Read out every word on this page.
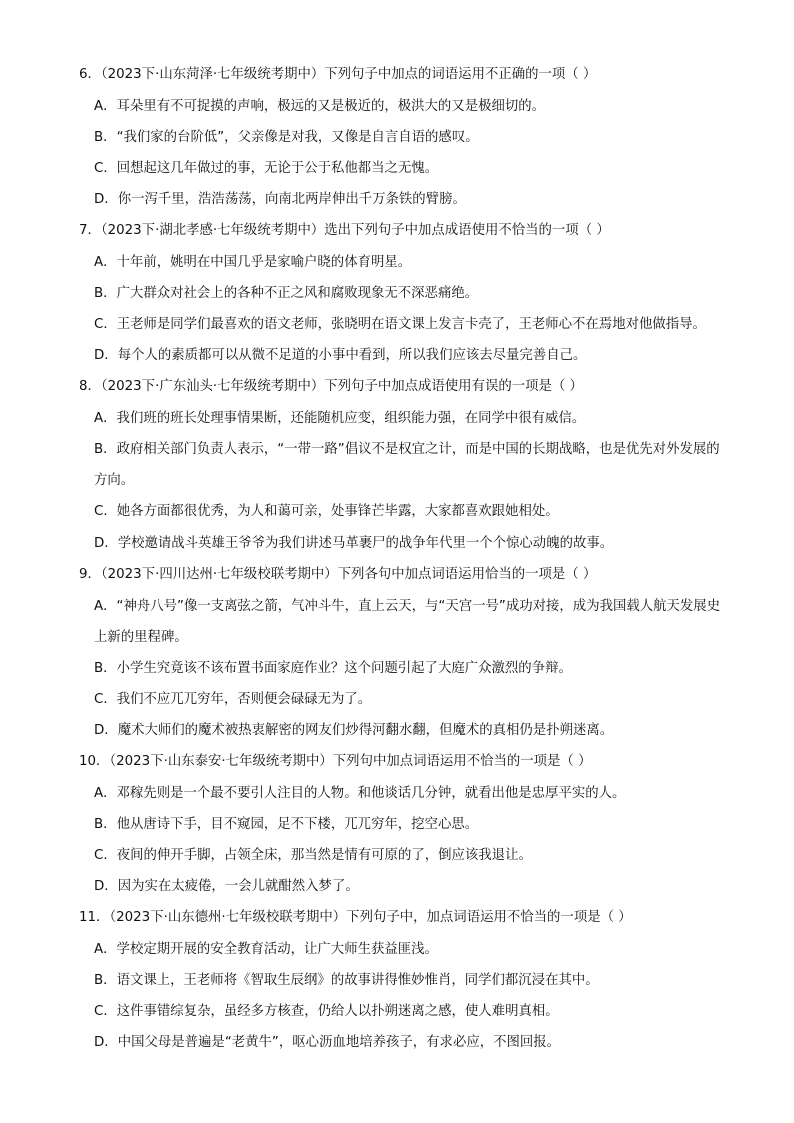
6．（2023下·山东菏泽·七年级统考期中）下列句子中加点的词语运用不正确的一项（ ）
A．耳朵里有不可捉摸的声响，极远的又是极近的，极洪大的又是极细切的。
B．“我们家的台阶低”，父亲像是对我，又像是自言自语的感叹。
C．回想起这几年做过的事，无论于公于私他都当之无愧。
D．你一泻千里，浩浩荡荡，向南北两岸伸出千万条铁的臂膀。
7．（2023下·湖北孝感·七年级统考期中）选出下列句子中加点成语使用不恰当的一项（ ）
A．十年前，姚明在中国几乎是家喻户晓的体育明星。
B．广大群众对社会上的各种不正之风和腐败现象无不深恶痛绝。
C．王老师是同学们最喜欢的语文老师，张晓明在语文课上发言卡壳了，王老师心不在焉地对他做指导。
D．每个人的素质都可以从微不足道的小事中看到，所以我们应该去尽量完善自己。
8．（2023下·广东汕头·七年级统考期中）下列句子中加点成语使用有误的一项是（ ）
A．我们班的班长处理事情果断，还能随机应变，组织能力强，在同学中很有威信。
B．政府相关部门负责人表示，“一带一路”倡议不是权宜之计，而是中国的长期战略，也是优先对外发展的方向。
C．她各方面都很优秀，为人和蔼可亲，处事锋芒毕露，大家都喜欢跟她相处。
D．学校邀请战斗英雄王爷爷为我们讲述马革裹尸的战争年代里一个个惊心动魄的故事。
9．（2023下·四川达州·七年级校联考期中）下列各句中加点词语运用恰当的一项是（ ）
A．“神舟八号”像一支离弦之箭，气冲斗牛，直上云天，与“天宫一号”成功对接，成为我国载人航天发展史上新的里程碑。
B．小学生究竟该不该布置书面家庭作业？这个问题引起了大庭广众激烈的争辩。
C．我们不应兀兀穷年，否则便会碌碌无为了。
D．魔术大师们的魔术被热衷解密的网友们炒得河翻水翻，但魔术的真相仍是扑朔迷离。
10．（2023下·山东泰安·七年级统考期中）下列句中加点词语运用不恰当的一项是（ ）
A．邓稼先则是一个最不要引人注目的人物。和他谈话几分钟，就看出他是忠厚平实的人。
B．他从唐诗下手，目不窥园，足不下楼，兀兀穷年，挖空心思。
C．夜间的伸开手脚，占领全床，那当然是情有可原的了，倒应该我退让。
D．因为实在太疲倦，一会儿就酣然入梦了。
11．（2023下·山东德州·七年级校联考期中）下列句子中，加点词语运用不恰当的一项是（ ）
A．学校定期开展的安全教育活动，让广大师生获益匪浅。
B．语文课上，王老师将《智取生辰纲》的故事讲得惟妙惟肖，同学们都沉浸在其中。
C．这件事错综复杂，虽经多方核查，仍给人以扑朔迷离之感，使人难明真相。
D．中国父母是普遍是“老黄牛”，呕心沥血地培养孩子，有求必应，不图回报。
